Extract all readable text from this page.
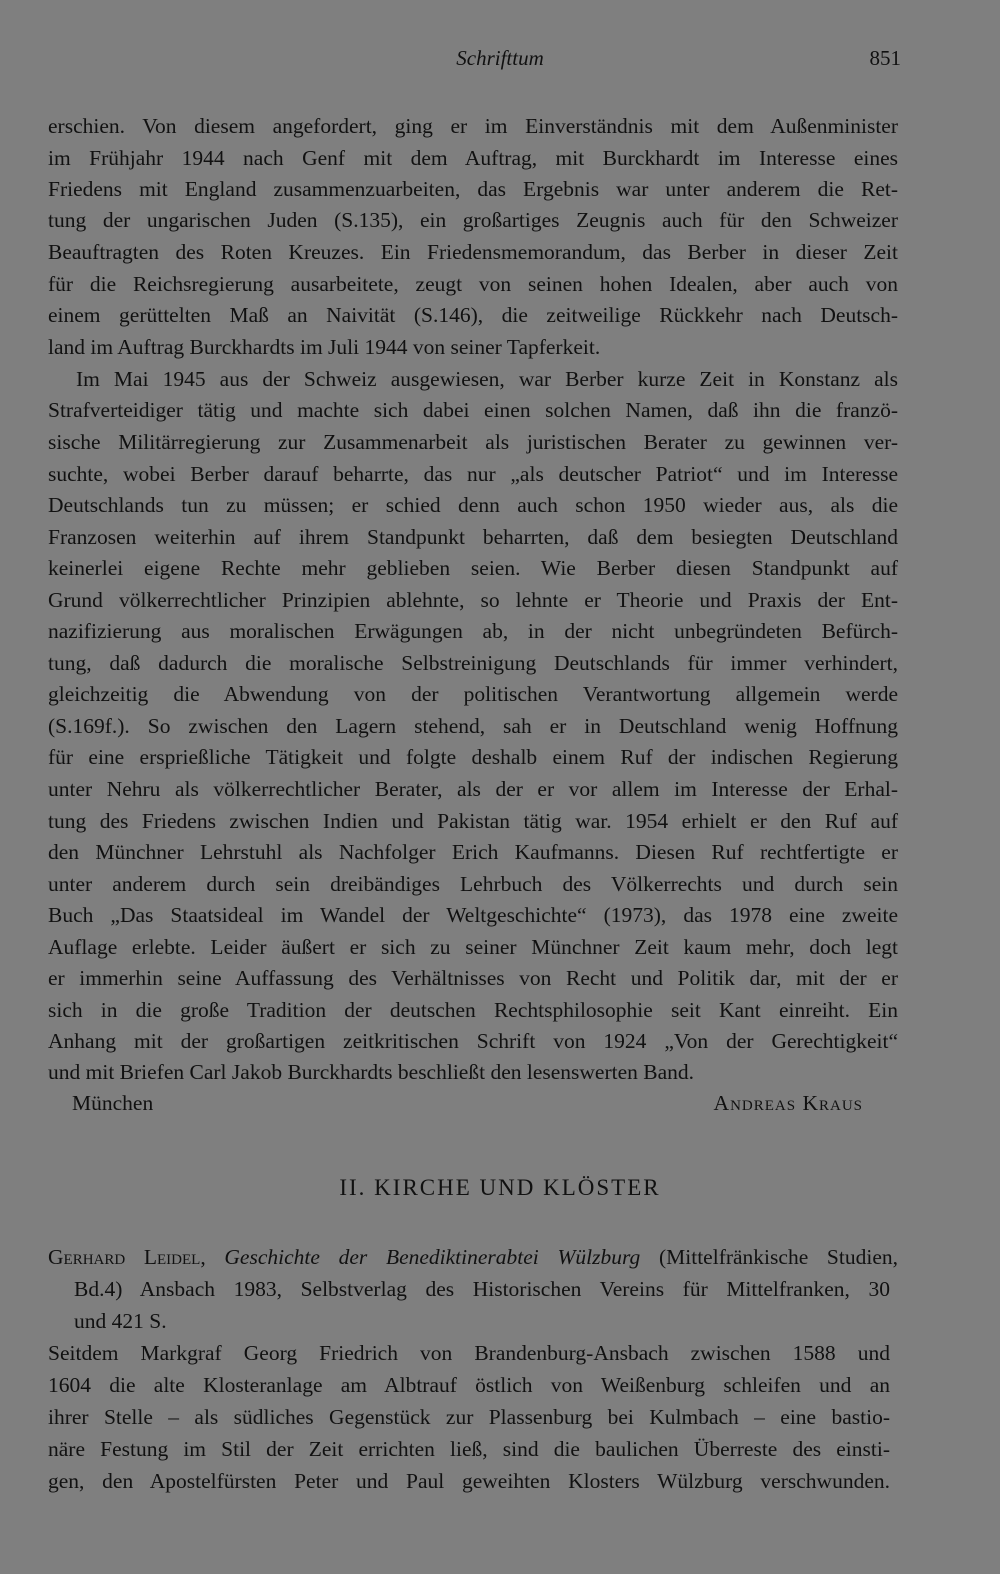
Schrifttum	851
erschien. Von diesem angefordert, ging er im Einverständnis mit dem Außenminister
im Frühjahr 1944 nach Genf mit dem Auftrag, mit Burckhardt im Interesse eines
Friedens mit England zusammenzuarbeiten, das Ergebnis war unter anderem die Ret-
tung der ungarischen Juden (S.135), ein großartiges Zeugnis auch für den Schweizer
Beauftragten des Roten Kreuzes. Ein Friedensmemorandum, das Berber in dieser Zeit
für die Reichsregierung ausarbeitete, zeugt von seinen hohen Idealen, aber auch von
einem gerüttelten Maß an Naivität (S.146), die zeitweilige Rückkehr nach Deutsch-
land im Auftrag Burckhardts im Juli 1944 von seiner Tapferkeit.
Im Mai 1945 aus der Schweiz ausgewiesen, war Berber kurze Zeit in Konstanz als
Strafverteidiger tätig und machte sich dabei einen solchen Namen, daß ihn die franzö-
sische Militärregierung zur Zusammenarbeit als juristischen Berater zu gewinnen ver-
suchte, wobei Berber darauf beharrte, das nur „als deutscher Patriot“ und im Interesse
Deutschlands tun zu müssen; er schied denn auch schon 1950 wieder aus, als die
Franzosen weiterhin auf ihrem Standpunkt beharrten, daß dem besiegten Deutschland
keinerlei eigene Rechte mehr geblieben seien. Wie Berber diesen Standpunkt auf
Grund völkerrechtlicher Prinzipien ablehnte, so lehnte er Theorie und Praxis der Ent-
nazifizierung aus moralischen Erwägungen ab, in der nicht unbegründeten Befürch-
tung, daß dadurch die moralische Selbstreinigung Deutschlands für immer verhindert,
gleichzeitig die Abwendung von der politischen Verantwortung allgemein werde
(S.169f.). So zwischen den Lagern stehend, sah er in Deutschland wenig Hoffnung
für eine ersprießliche Tätigkeit und folgte deshalb einem Ruf der indischen Regierung
unter Nehru als völkerrechtlicher Berater, als der er vor allem im Interesse der Erhal-
tung des Friedens zwischen Indien und Pakistan tätig war. 1954 erhielt er den Ruf auf
den Münchner Lehrstuhl als Nachfolger Erich Kaufmanns. Diesen Ruf rechtfertigte er
unter anderem durch sein dreibändiges Lehrbuch des Völkerrechts und durch sein
Buch „Das Staatsideal im Wandel der Weltgeschichte“ (1973), das 1978 eine zweite
Auflage erlebte. Leider äußert er sich zu seiner Münchner Zeit kaum mehr, doch legt
er immerhin seine Auffassung des Verhältnisses von Recht und Politik dar, mit der er
sich in die große Tradition der deutschen Rechtsphilosophie seit Kant einreiht. Ein
Anhang mit der großartigen zeitkritischen Schrift von 1924 „Von der Gerechtigkeit“
und mit Briefen Carl Jakob Burckhardts beschließt den lesenswerten Band.
München	Andreas Kraus
II. KIRCHE UND KLÖSTER
Gerhard Leidel, Geschichte der Benediktinerabtei Wülzburg (Mittelfränkische Studien,
Bd.4) Ansbach 1983, Selbstverlag des Historischen Vereins für Mittelfranken, 30
und 421 S.
Seitdem Markgraf Georg Friedrich von Brandenburg-Ansbach zwischen 1588 und
1604 die alte Klosteranlage am Albtrauf östlich von Weißenburg schleifen und an
ihrer Stelle – als südliches Gegenstück zur Plassenburg bei Kulmbach – eine bastio-
näre Festung im Stil der Zeit errichten ließ, sind die baulichen Überreste des einsti-
gen, den Apostelfürsten Peter und Paul geweihten Klosters Wülzburg verschwunden.
